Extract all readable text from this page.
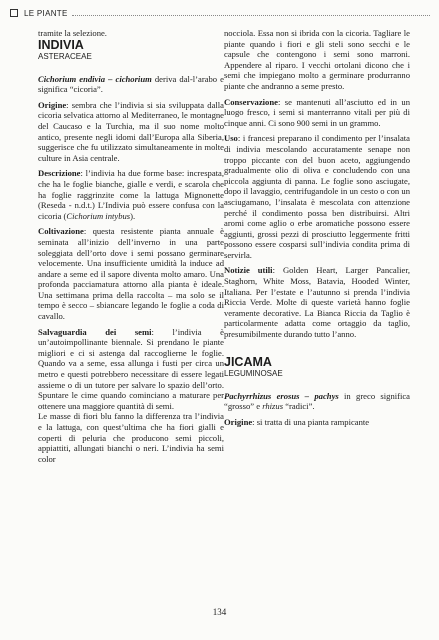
LE PIANTE

tramite la selezione.

INDIVIA
ASTERACEAE

Cichorium endivia – cichorium deriva dal-l’arabo e significa “cicoria”.

Origine: sembra che l’indivia si sia sviluppata dalla cicoria selvatica attorno al Mediterraneo, le montagne del Caucaso e la Turchia, ma il suo nome molto antico, presente negli idomi dall’Europa alla Siberia, suggerisce che fu utilizzato simultaneamente in molte culture in Asia centrale.

Descrizione: l’indivia ha due forme base: increspata, che ha le foglie bianche, gialle e verdi, e scarola che ha foglie raggrinzite come la lattuga Mignonette (Reseda - n.d.t.) L’Indivia può essere confusa con la cicoria (Cichorium intybus).

Coltivazione: questa resistente pianta annuale è seminata all’inizio dell’inverno in una parte soleggiata dell’orto dove i semi possano germinare velocemente. Una insufficiente umidità la induce ad andare a seme ed il sapore diventa molto amaro. Una profonda pacciamatura attorno alla pianta è ideale. Una settimana prima della raccolta – ma solo se il tempo è secco – sbiancare legando le foglie a coda di cavallo.

Salvaguardia dei semi: l’indivia è un’autoimpollinante biennale. Si prendano le piante migliori e ci si astenga dal raccoglierne le foglie. Quando va a seme, essa allunga i fusti per circa un metro e questi potrebbero necessitare di essere legati assieme o di un tutore per salvare lo spazio dell’orto. Spuntare le cime quando cominciano a maturare per ottenere una maggiore quantità di semi.

Le masse di fiori blu fanno la differenza tra l’indivia e la lattuga, con quest’ultima che ha fiori gialli e coperti di peluria che producono semi piccoli, appiattiti, allungati bianchi o neri. L’indivia ha semi color

nocciola. Essa non si ibrida con la cicoria. Tagliare le piante quando i fiori e gli steli sono secchi e le capsule che contengono i semi sono marroni. Appendere al riparo. I vecchi ortolani dicono che i semi che impiegano molto a germinare produrranno piante che andranno a seme presto.

Conservazione: se mantenuti all’asciutto ed in un luogo fresco, i semi si manterranno vitali per più di cinque anni. Ci sono 900 semi in un grammo.

Uso: i francesi preparano il condimento per l’insalata di indivia mescolando accuratamente senape non troppo piccante con del buon aceto, aggiungendo gradualmente olio di oliva e concludendo con una piccola aggiunta di panna. Le foglie sono asciugate, dopo il lavaggio, centrifugandole in un cesto o con un asciugamano, l’insalata è mescolata con attenzione perché il condimento possa ben distribuirsi. Altri aromi come aglio o erbe aromatiche possono essere aggiunti, grossi pezzi di prosciutto leggermente fritti possono essere cosparsi sull’indivia condita prima di servirla.

Notizie utili: Golden Heart, Larger Pancalier, Staghorn, White Moss, Batavia, Hooded Winter, Italiana. Per l’estate e l’autunno si prenda l’indivia Riccia Verde. Molte di queste varietà hanno foglie veramente decorative. La Bianca Riccia da Taglio è particolarmente adatta come ortaggio da taglio, presumibilmente durando tutto l’anno.

JICAMA
LEGUMINOSAE

Pachyrrhizus erosus – pachys in greco significa “grosso” e rhizus “radici”.

Origine: si tratta di una pianta rampicante

134
